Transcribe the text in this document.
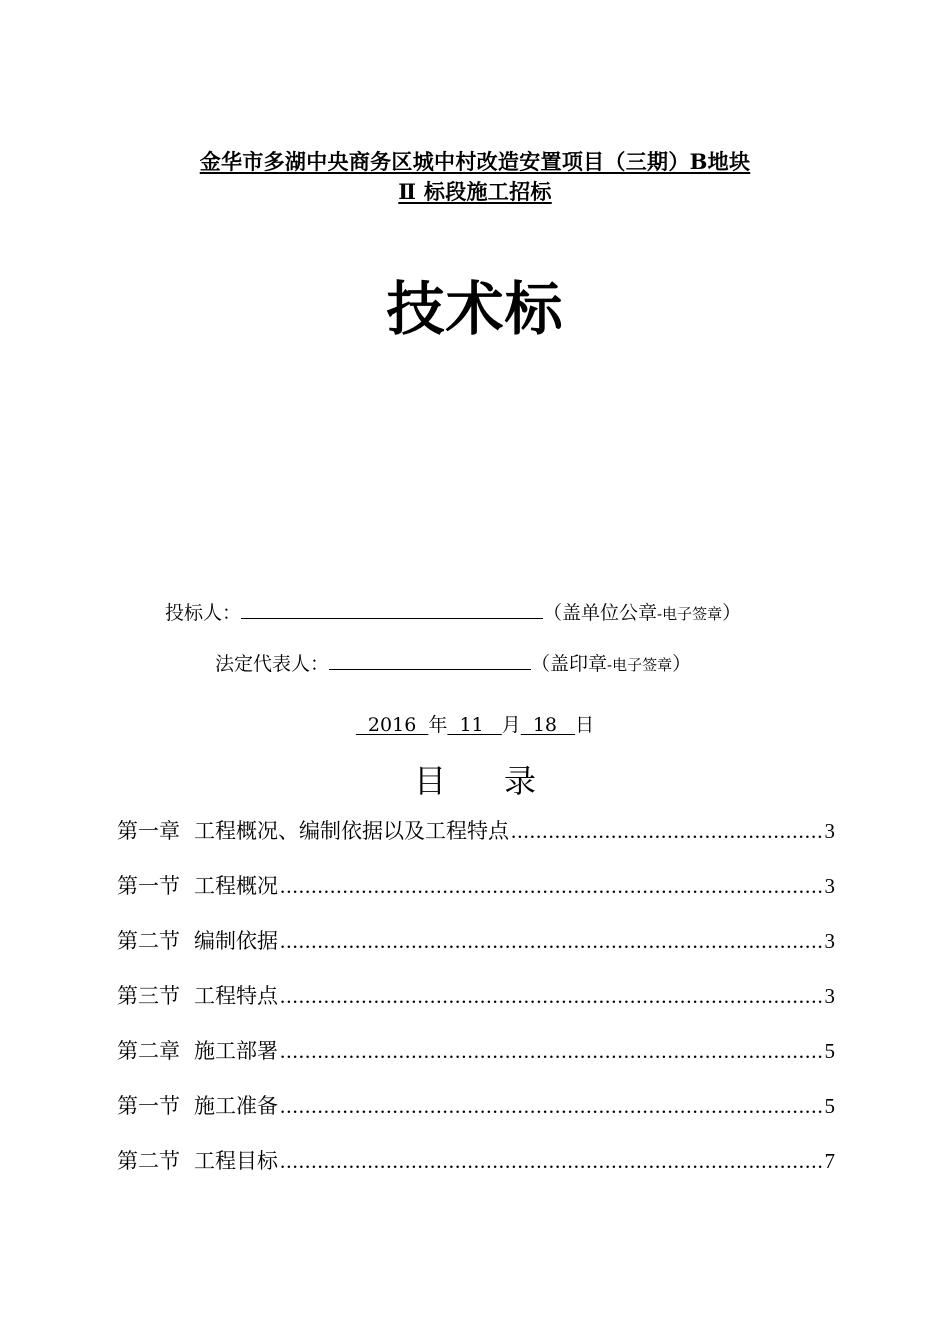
金华市多湖中央商务区城中村改造安置项目（三期）B地块
Ⅱ 标段施工招标
技术标
投标人：	（盖单位公章-电子签章）
法定代表人：	（盖印章-电子签章）
2016  年  11   月  18   日
目 录
第一章 工程概况、编制依据以及工程特点 .....	3
第一节 工程概况 .....	3
第二节 编制依据 .....	3
第三节 工程特点 .....	3
第二章 施工部署 .....	5
第一节 施工准备 .....	5
第二节 工程目标 .....	7
